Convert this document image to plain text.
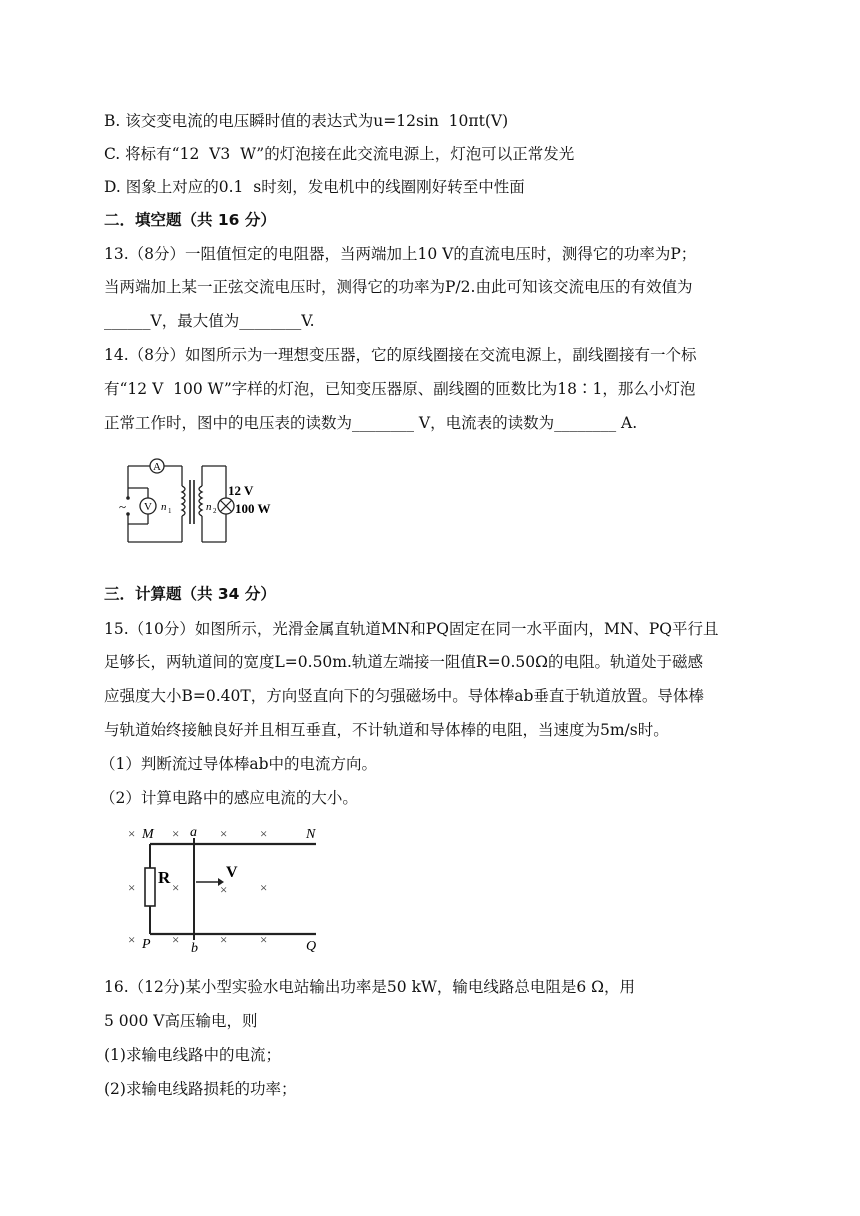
B. 该交变电流的电压瞬时值的表达式为u=12sin  10πt(V)
C. 将标有“12  V3  W”的灯泡接在此交流电源上，灯泡可以正常发光
D. 图象上对应的0.1  s时刻，发电机中的线圈刚好转至中性面
二．填空题（共 16 分）
13.（8分）一阻值恒定的电阻器，当两端加上10 V的直流电压时，测得它的功率为P；
当两端加上某一正弦交流电压时，测得它的功率为P/2.由此可知该交流电压的有效值为
______V，最大值为________V.
14.（8分）如图所示为一理想变压器，它的原线圈接在交流电源上，副线圈接有一个标
有“12 V  100 W”字样的灯泡，已知变压器原、副线圈的匝数比为18∶1，那么小灯泡
正常工作时，图中的电压表的读数为________ V，电流表的读数为________ A.
A
V
~	n 1	n 2
12 V
100 W
三．计算题（共 34 分）
15.（10分）如图所示，光滑金属直轨道MN和PQ固定在同一水平面内，MN、PQ平行且
足够长，两轨道间的宽度L=0.50m.轨道左端接一阻值R=0.50Ω的电阻。轨道处于磁感
应强度大小B=0.40T，方向竖直向下的匀强磁场中。导体棒ab垂直于轨道放置。导体棒
与轨道始终接触良好并且相互垂直，不计轨道和导体棒的电阻，当速度为5m/s时。
（1）判断流过导体棒ab中的电流方向。
（2）计算电路中的感应电流的大小。
R	V
M	a	N
P	b	Q
×	×	×	×
×	×	×	×
×	×	×	×
16.（12分)某小型实验水电站输出功率是50 kW，输电线路总电阻是6 Ω，用
5 000 V高压输电，则
(1)求输电线路中的电流；
(2)求输电线路损耗的功率；
